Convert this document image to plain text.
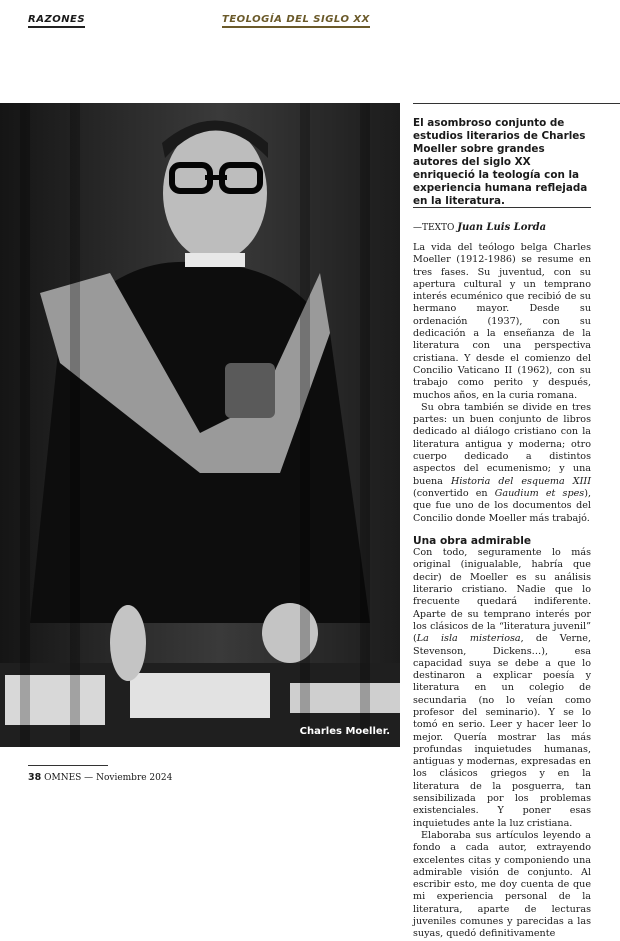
RAZONES	TEOLOGÍA DEL SIGLO XX
Charles Moeller.
El asombroso conjunto de estudios literarios de Charles Moeller sobre grandes autores del siglo XX enriqueció la teología con la experiencia humana reflejada en la literatura.
—TEXTO Juan Luis Lorda

La vida del teólogo belga Charles Moeller (1912-1986) se resume en tres fases. Su juventud, con su apertura cultural y un temprano interés ecuménico que recibió de su hermano mayor. Desde su ordenación (1937), con su dedicación a la enseñanza de la literatura con una perspectiva cristiana. Y desde el comienzo del Concilio Vaticano II (1962), con su trabajo como perito y después, muchos años, en la curia romana.

Su obra también se divide en tres partes: un buen conjunto de libros dedicado al diálogo cristiano con la literatura antigua y moderna; otro cuerpo dedicado a distintos aspectos del ecumenismo; y una buena Historia del esquema XIII (convertido en Gaudium et spes), que fue uno de los documentos del Concilio donde Moeller más trabajó.

Una obra admirable

Con todo, seguramente lo más original (inigualable, habría que decir) de Moeller es su análisis literario cristiano. Nadie que lo frecuente quedará indiferente. Aparte de su temprano interés por los clásicos de la “literatura juvenil” (La isla misteriosa, de Verne, Stevenson, Dickens…), esa capacidad suya se debe a que lo destinaron a explicar poesía y literatura en un colegio de secundaria (no lo veían como profesor del seminario). Y se lo tomó en serio. Leer y hacer leer lo mejor. Quería mostrar las más profundas inquietudes humanas, antiguas y modernas, expresadas en los clásicos griegos y en la literatura de la posguerra, tan sensibilizada por los problemas existenciales. Y poner esas inquietudes ante la luz cristiana.

Elaboraba sus artículos leyendo a fondo a cada autor, extrayendo excelentes citas y componiendo una admirable visión de conjunto. Al escribir esto, me doy cuenta de que mi experiencia personal de la literatura, aparte de lecturas juveniles comunes y parecidas a las suyas, quedó definitivamente

38 OMNES — Noviembre 2024
